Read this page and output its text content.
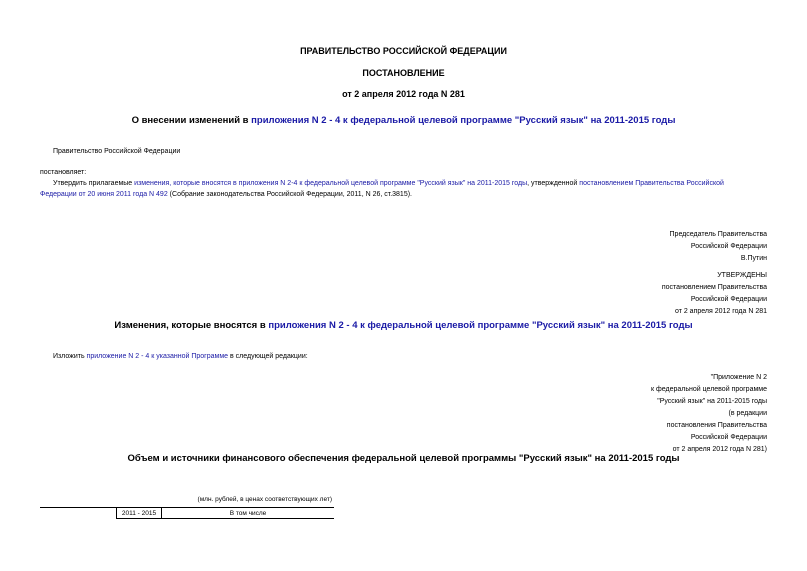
ПРАВИТЕЛЬСТВО РОССИЙСКОЙ ФЕДЕРАЦИИ
ПОСТАНОВЛЕНИЕ
от 2 апреля 2012 года N 281
О внесении изменений в приложения N 2 - 4 к федеральной целевой программе "Русский язык" на 2011-2015 годы
Правительство Российской Федерации
постановляет:
Утвердить прилагаемые изменения, которые вносятся в приложения N 2-4 к федеральной целевой программе "Русский язык" на 2011-2015 годы, утвержденной постановлением Правительства Российской
Федерации от 20 июня 2011 года N 492 (Собрание законодательства Российской Федерации, 2011, N 26, ст.3815).
Председатель Правительства
Российской Федерации
В.Путин
УТВЕРЖДЕНЫ
постановлением Правительства
Российской Федерации
от 2 апреля 2012 года N 281
Изменения, которые вносятся в приложения N 2 - 4 к федеральной целевой программе "Русский язык" на 2011-2015 годы
Изложить приложение N 2 - 4 к указанной Программе в следующей редакции:
"Приложение N 2
к федеральной целевой программе
"Русский язык" на 2011-2015 годы
(в редакции
постановления Правительства
Российской Федерации
от 2 апреля 2012 года N 281)
Объем и источники финансового обеспечения федеральной целевой программы "Русский язык" на 2011-2015 годы
(млн. рублей, в ценах соответствующих лет)
	2011 - 2015	В том числе
